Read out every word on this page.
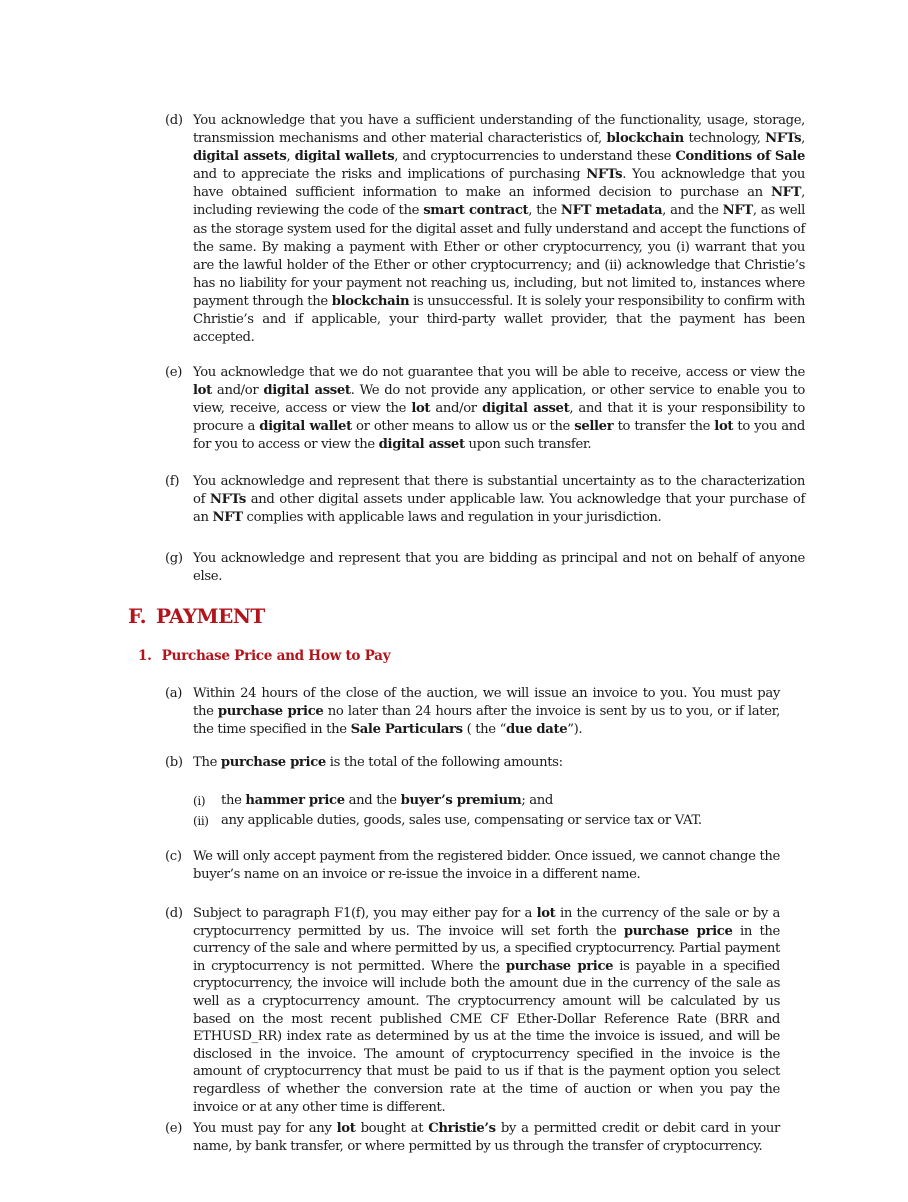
(d) You acknowledge that you have a sufficient understanding of the functionality, usage, storage, transmission mechanisms and other material characteristics of, blockchain technology, NFTs, digital assets, digital wallets, and cryptocurrencies to understand these Conditions of Sale and to appreciate the risks and implications of purchasing NFTs. You acknowledge that you have obtained sufficient information to make an informed decision to purchase an NFT, including reviewing the code of the smart contract, the NFT metadata, and the NFT, as well as the storage system used for the digital asset and fully understand and accept the functions of the same. By making a payment with Ether or other cryptocurrency, you (i) warrant that you are the lawful holder of the Ether or other cryptocurrency; and (ii) acknowledge that Christie’s has no liability for your payment not reaching us, including, but not limited to, instances where payment through the blockchain is unsuccessful. It is solely your responsibility to confirm with Christie’s and if applicable, your third-party wallet provider, that the payment has been accepted.
(e) You acknowledge that we do not guarantee that you will be able to receive, access or view the lot and/or digital asset. We do not provide any application, or other service to enable you to view, receive, access or view the lot and/or digital asset, and that it is your responsibility to procure a digital wallet or other means to allow us or the seller to transfer the lot to you and for you to access or view the digital asset upon such transfer.
(f) You acknowledge and represent that there is substantial uncertainty as to the characterization of NFTs and other digital assets under applicable law. You acknowledge that your purchase of an NFT complies with applicable laws and regulation in your jurisdiction.
(g) You acknowledge and represent that you are bidding as principal and not on behalf of anyone else.
F. PAYMENT
1. Purchase Price and How to Pay
(a) Within 24 hours of the close of the auction, we will issue an invoice to you. You must pay the purchase price no later than 24 hours after the invoice is sent by us to you, or if later, the time specified in the Sale Particulars ( the “due date”).
(b) The purchase price is the total of the following amounts:
(i) the hammer price and the buyer’s premium; and
(ii) any applicable duties, goods, sales use, compensating or service tax or VAT.
(c) We will only accept payment from the registered bidder. Once issued, we cannot change the buyer’s name on an invoice or re-issue the invoice in a different name.
(d) Subject to paragraph F1(f), you may either pay for a lot in the currency of the sale or by a cryptocurrency permitted by us. The invoice will set forth the purchase price in the currency of the sale and where permitted by us, a specified cryptocurrency. Partial payment in cryptocurrency is not permitted. Where the purchase price is payable in a specified cryptocurrency, the invoice will include both the amount due in the currency of the sale as well as a cryptocurrency amount. The cryptocurrency amount will be calculated by us based on the most recent published CME CF Ether-Dollar Reference Rate (BRR and ETHUSD_RR) index rate as determined by us at the time the invoice is issued, and will be disclosed in the invoice. The amount of cryptocurrency specified in the invoice is the amount of cryptocurrency that must be paid to us if that is the payment option you select regardless of whether the conversion rate at the time of auction or when you pay the invoice or at any other time is different.
(e) You must pay for any lot bought at Christie’s by a permitted credit or debit card in your name, by bank transfer, or where permitted by us through the transfer of cryptocurrency.
